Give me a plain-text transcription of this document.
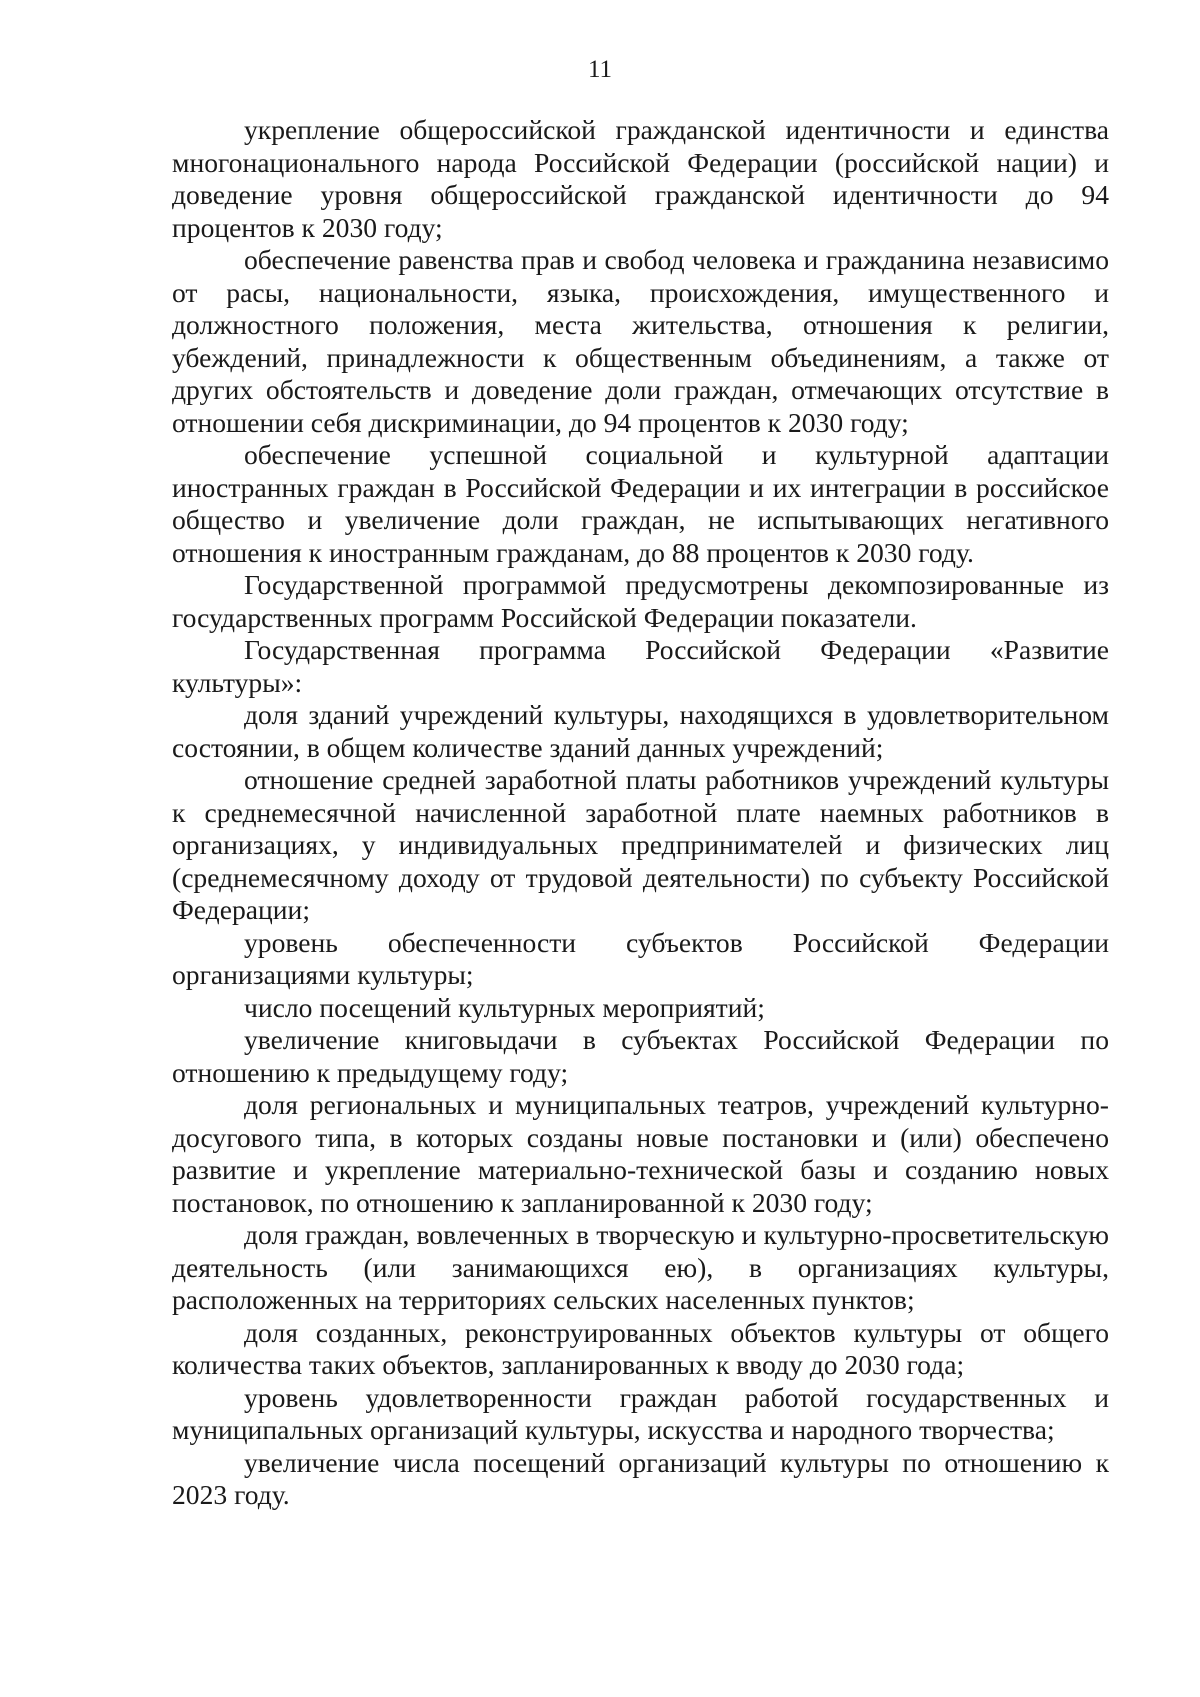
11

укрепление общероссийской гражданской идентичности и единства многонационального народа Российской Федерации (российской нации) и доведение уровня общероссийской гражданской идентичности до 94 процентов к 2030 году;

обеспечение равенства прав и свобод человека и гражданина независимо от расы, национальности, языка, происхождения, имущественного и должностного положения, места жительства, отношения к религии, убеждений, принадлежности к общественным объединениям, а также от других обстоятельств и доведение доли граждан, отмечающих отсутствие в отношении себя дискриминации, до 94 процентов к 2030 году;

обеспечение успешной социальной и культурной адаптации иностранных граждан в Российской Федерации и их интеграции в российское общество и увеличение доли граждан, не испытывающих негативного отношения к иностранным гражданам, до 88 процентов к 2030 году.

Государственной программой предусмотрены декомпозированные из государственных программ Российской Федерации показатели.

Государственная программа Российской Федерации «Развитие культуры»:

доля зданий учреждений культуры, находящихся в удовлетворительном состоянии, в общем количестве зданий данных учреждений;

отношение средней заработной платы работников учреждений культуры к среднемесячной начисленной заработной плате наемных работников в организациях, у индивидуальных предпринимателей и физических лиц (среднемесячному доходу от трудовой деятельности) по субъекту Российской Федерации;

уровень обеспеченности субъектов Российской Федерации организациями культуры;

число посещений культурных мероприятий;

увеличение книговыдачи в субъектах Российской Федерации по отношению к предыдущему году;

доля региональных и муниципальных театров, учреждений культурно-досугового типа, в которых созданы новые постановки и (или) обеспечено развитие и укрепление материально-технической базы и созданию новых постановок, по отношению к запланированной к 2030 году;

доля граждан, вовлеченных в творческую и культурно-просветительскую деятельность (или занимающихся ею), в организациях культуры, расположенных на территориях сельских населенных пунктов;

доля созданных, реконструированных объектов культуры от общего количества таких объектов, запланированных к вводу до 2030 года;

уровень удовлетворенности граждан работой государственных и муниципальных организаций культуры, искусства и народного творчества;

увеличение числа посещений организаций культуры по отношению к 2023 году.
